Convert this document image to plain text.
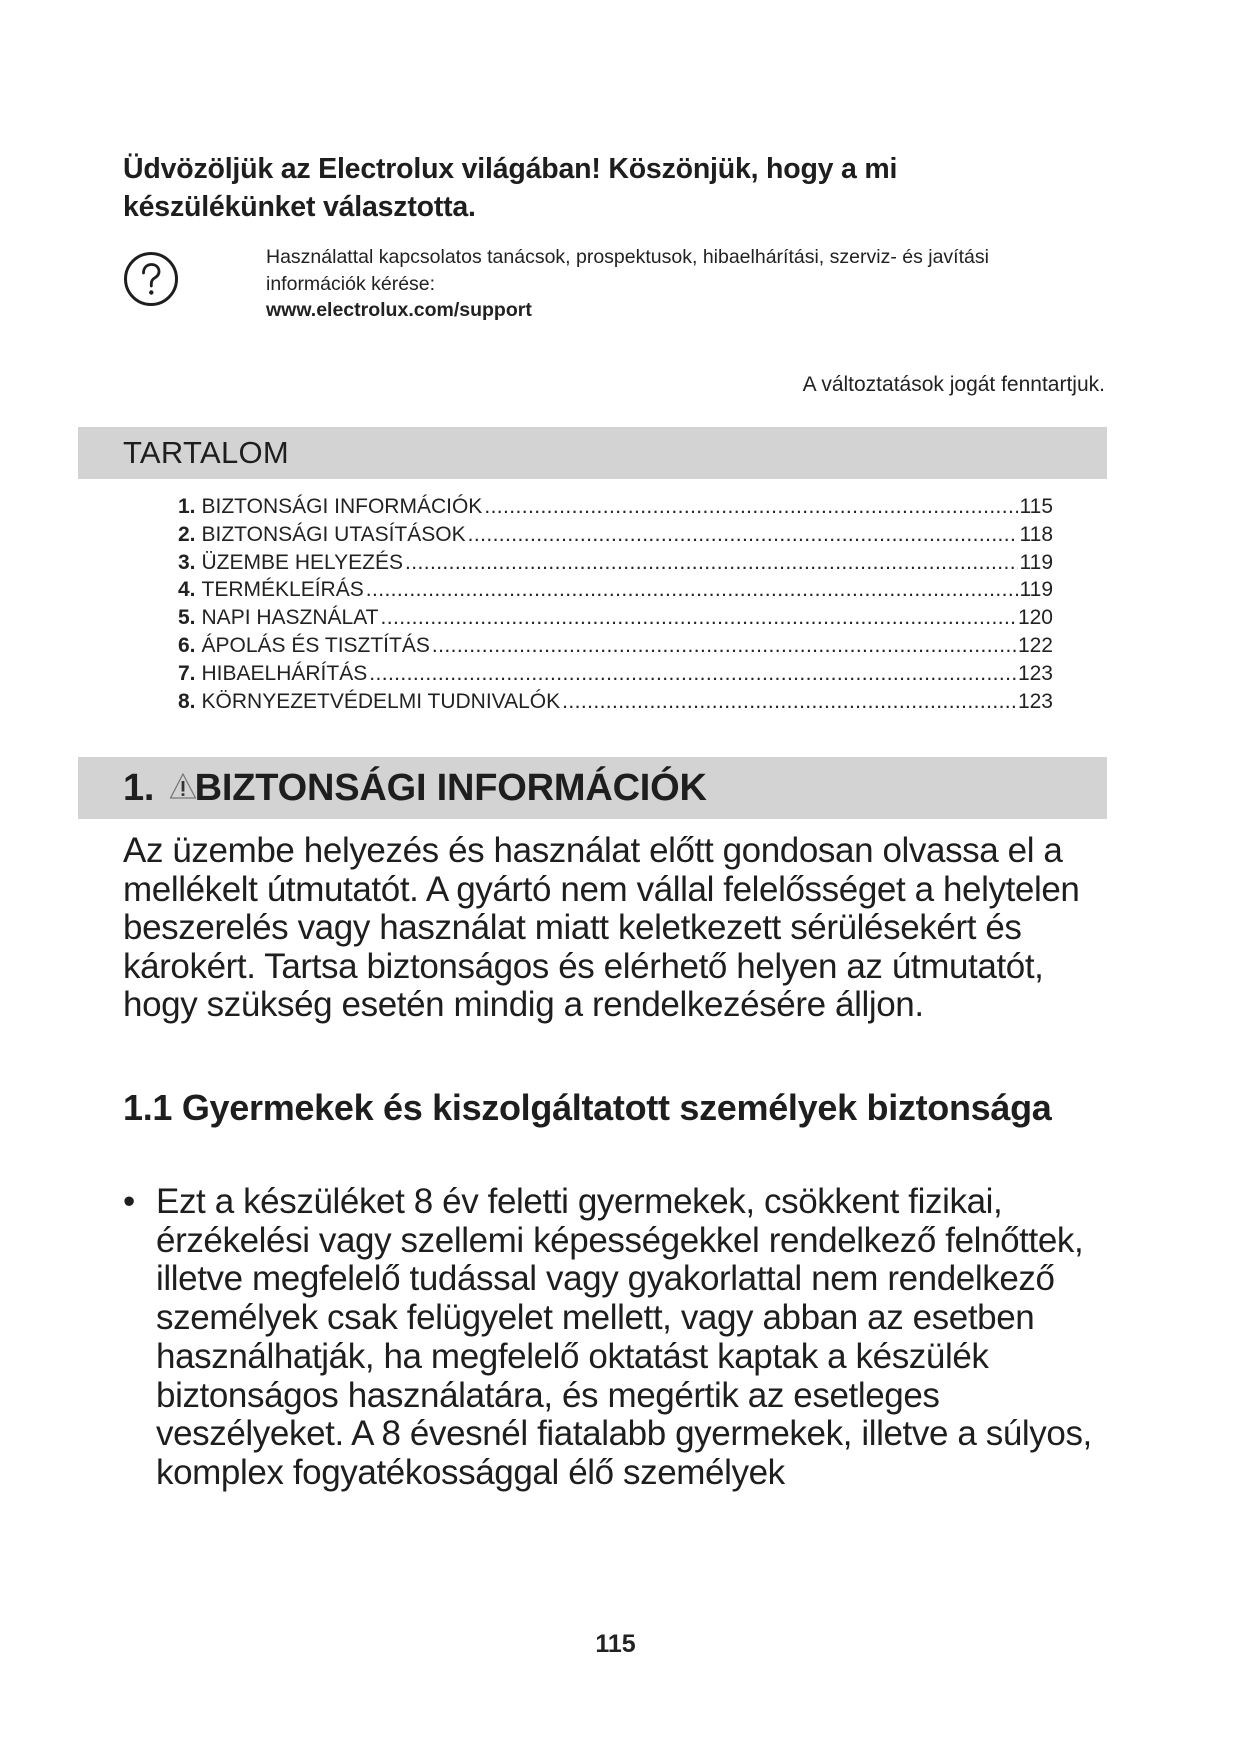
Üdvözöljük az Electrolux világában! Köszönjük, hogy a mi készülékünket választotta.
Használattal kapcsolatos tanácsok, prospektusok, hibaelhárítási, szerviz- és javítási
információk kérése:
www.electrolux.com/support
A változtatások jogát fenntartjuk.
TARTALOM
1. BIZTONSÁGI INFORMÁCIÓK .....	115
2. BIZTONSÁGI UTASÍTÁSOK .....	118
3. ÜZEMBE HELYEZÉS .....	119
4. TERMÉKLEÍRÁS .....	119
5. NAPI HASZNÁLAT .....	120
6. ÁPOLÁS ÉS TISZTÍTÁS .....	122
7. HIBAELHÁRÍTÁS .....	123
8. KÖRNYEZETVÉDELMI TUDNIVALÓK .....	123
1. BIZTONSÁGI INFORMÁCIÓK
Az üzembe helyezés és használat előtt gondosan olvassa el a mellékelt útmutatót. A gyártó nem vállal felelősséget a helytelen beszerelés vagy használat miatt keletkezett sérülésekért és károkért. Tartsa biztonságos és elérhető helyen az útmutatót, hogy szükség esetén mindig a rendelkezésére álljon.
1.1 Gyermekek és kiszolgáltatott személyek biztonsága
• Ezt a készüléket 8 év feletti gyermekek, csökkent fizikai, érzékelési vagy szellemi képességekkel rendelkező felnőttek, illetve megfelelő tudással vagy gyakorlattal nem rendelkező személyek csak felügyelet mellett, vagy abban az esetben használhatják, ha megfelelő oktatást kaptak a készülék biztonságos használatára, és megértik az esetleges veszélyeket. A 8 évesnél fiatalabb gyermekek, illetve a súlyos, komplex fogyatékossággal élő személyek
115
